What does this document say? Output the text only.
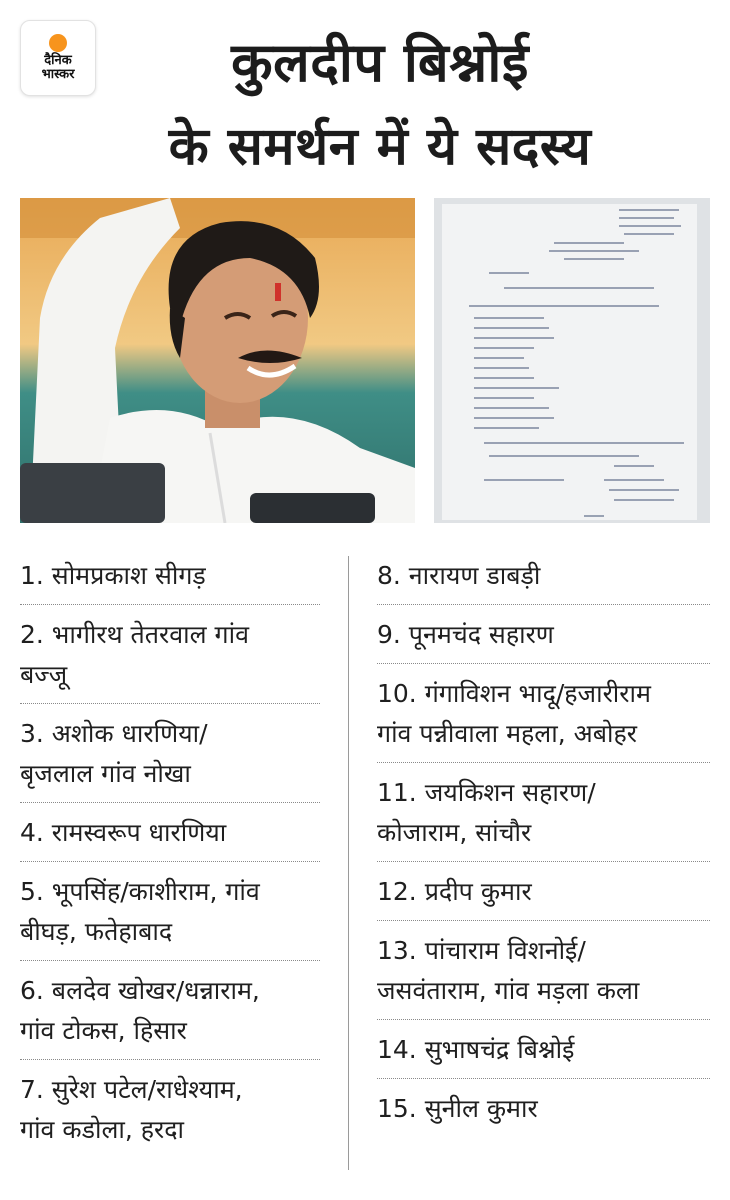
दैनिक
भास्कर	कुलदीप बिश्नोई
के समर्थन में ये सदस्य
1. सोमप्रकाश सीगड़
2. भागीरथ तेतरवाल गांव
बज्जू
3. अशोक धारणिया/
बृजलाल गांव नोखा
4. रामस्वरूप धारणिया
5. भूपसिंह/काशीराम, गांव
बीघड़, फतेहाबाद
6. बलदेव खोखर/धन्नाराम,
गांव टोकस, हिसार
7. सुरेश पटेल/राधेश्याम,
गांव कडोला, हरदा
8. नारायण डाबड़ी
9. पूनमचंद सहारण
10. गंगाविशन भादू/हजारीराम
गांव पन्नीवाला महला, अबोहर
11. जयकिशन सहारण/
कोजाराम, सांचौर
12. प्रदीप कुमार
13. पांचाराम विशनोई/
जसवंताराम, गांव मड़ला कला
14. सुभाषचंद्र बिश्नोई
15. सुनील कुमार
